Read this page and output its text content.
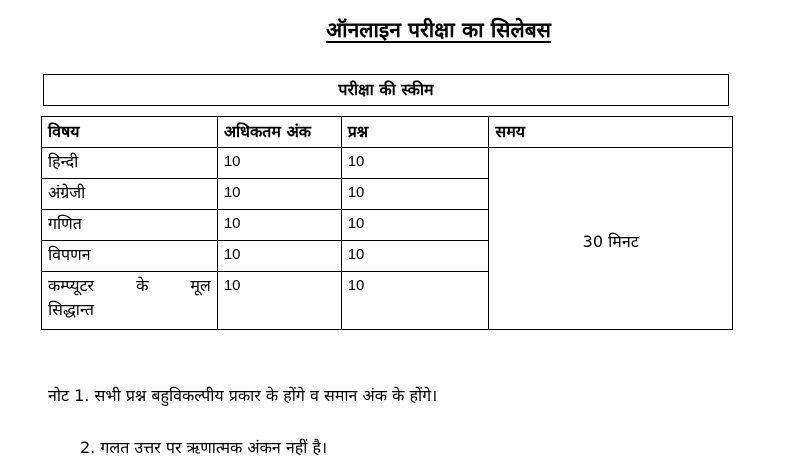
ऑनलाइन परीक्षा का सिलेबस
परीक्षा की स्कीम
विषय	अधिकतम अंक	प्रश्न	समय
हिन्दी	10	10	30 मिनट
अंग्रेजी	10	10	
गणित	10	10	
विपणन	10	10	

कम्प्यूटर के मूल
सिद्धान्त	10	10	
नोट 1. सभी प्रश्न बहुविकल्पीय प्रकार के होंगे व समान अंक के होंगे।
2. गलत उत्तर पर ऋणात्मक अंकन नहीं है।
